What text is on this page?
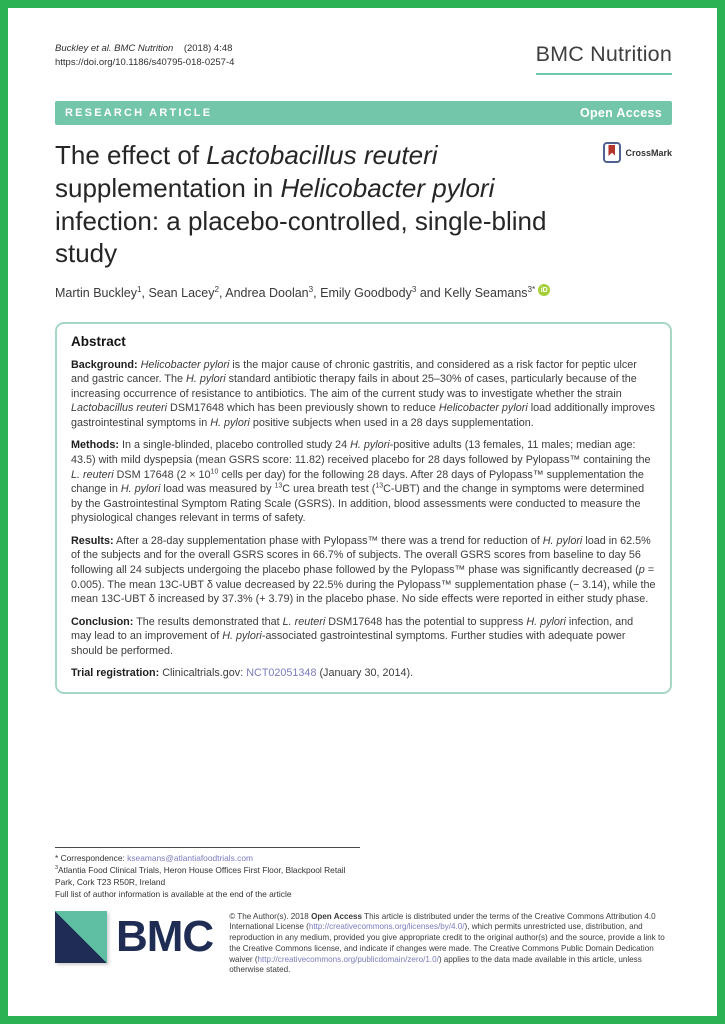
Buckley et al. BMC Nutrition    (2018) 4:48
https://doi.org/10.1186/s40795-018-0257-4	BMC Nutrition
RESEARCH ARTICLE	Open Access
The effect of Lactobacillus reuteri supplementation in Helicobacter pylori infection: a placebo-controlled, single-blind study
CrossMark
Martin Buckley$^1$, Sean Lacey$^2$, Andrea Doolan$^3$, Emily Goodbody$^3$ and Kelly Seamans$^{3*}$ iD
Abstract

Background: Helicobacter pylori is the major cause of chronic gastritis, and considered as a risk factor for peptic ulcer and gastric cancer. The H. pylori standard antibiotic therapy fails in about 25–30% of cases, particularly because of the increasing occurrence of resistance to antibiotics. The aim of the current study was to investigate whether the strain Lactobacillus reuteri DSM17648 which has been previously shown to reduce Helicobacter pylori load additionally improves gastrointestinal symptoms in H. pylori positive subjects when used in a 28 days supplementation.

Methods: In a single-blinded, placebo controlled study 24 H. pylori-positive adults (13 females, 11 males; median age: 43.5) with mild dyspepsia (mean GSRS score: 11.82) received placebo for 28 days followed by Pylopass™ containing the L. reuteri DSM 17648 ($2 \times 10^{10}$ cells per day) for the following 28 days. After 28 days of Pylopass™ supplementation the change in H. pylori load was measured by $^{13}$C urea breath test ($^{13}$C-UBT) and the change in symptoms were determined by the Gastrointestinal Symptom Rating Scale (GSRS). In addition, blood assessments were conducted to measure the physiological changes relevant in terms of safety.

Results: After a 28-day supplementation phase with Pylopass™ there was a trend for reduction of H. pylori load in 62.5% of the subjects and for the overall GSRS scores in 66.7% of subjects. The overall GSRS scores from baseline to day 56 following all 24 subjects undergoing the placebo phase followed by the Pylopass™ phase was significantly decreased (p = 0.005). The mean 13C-UBT δ value decreased by 22.5% during the Pylopass™ supplementation phase (− 3.14), while the mean 13C-UBT δ increased by 37.3% (+ 3.79) in the placebo phase. No side effects were reported in either study phase.

Conclusion: The results demonstrated that L. reuteri DSM17648 has the potential to suppress H. pylori infection, and may lead to an improvement of H. pylori-associated gastrointestinal symptoms. Further studies with adequate power should be performed.

Trial registration: Clinicaltrials.gov: NCT02051348 (January 30, 2014).

* Correspondence: kseamans@atlantiafoodtrials.com
$^3$Atlantia Food Clinical Trials, Heron House Offices First Floor, Blackpool Retail Park, Cork T23 R50R, Ireland
Full list of author information is available at the end of the article
BMC © The Author(s). 2018 Open Access This article is distributed under the terms of the Creative Commons Attribution 4.0 International License (http://creativecommons.org/licenses/by/4.0/), which permits unrestricted use, distribution, and reproduction in any medium, provided you give appropriate credit to the original author(s) and the source, provide a link to the Creative Commons license, and indicate if changes were made. The Creative Commons Public Domain Dedication waiver (http://creativecommons.org/publicdomain/zero/1.0/) applies to the data made available in this article, unless otherwise stated.
